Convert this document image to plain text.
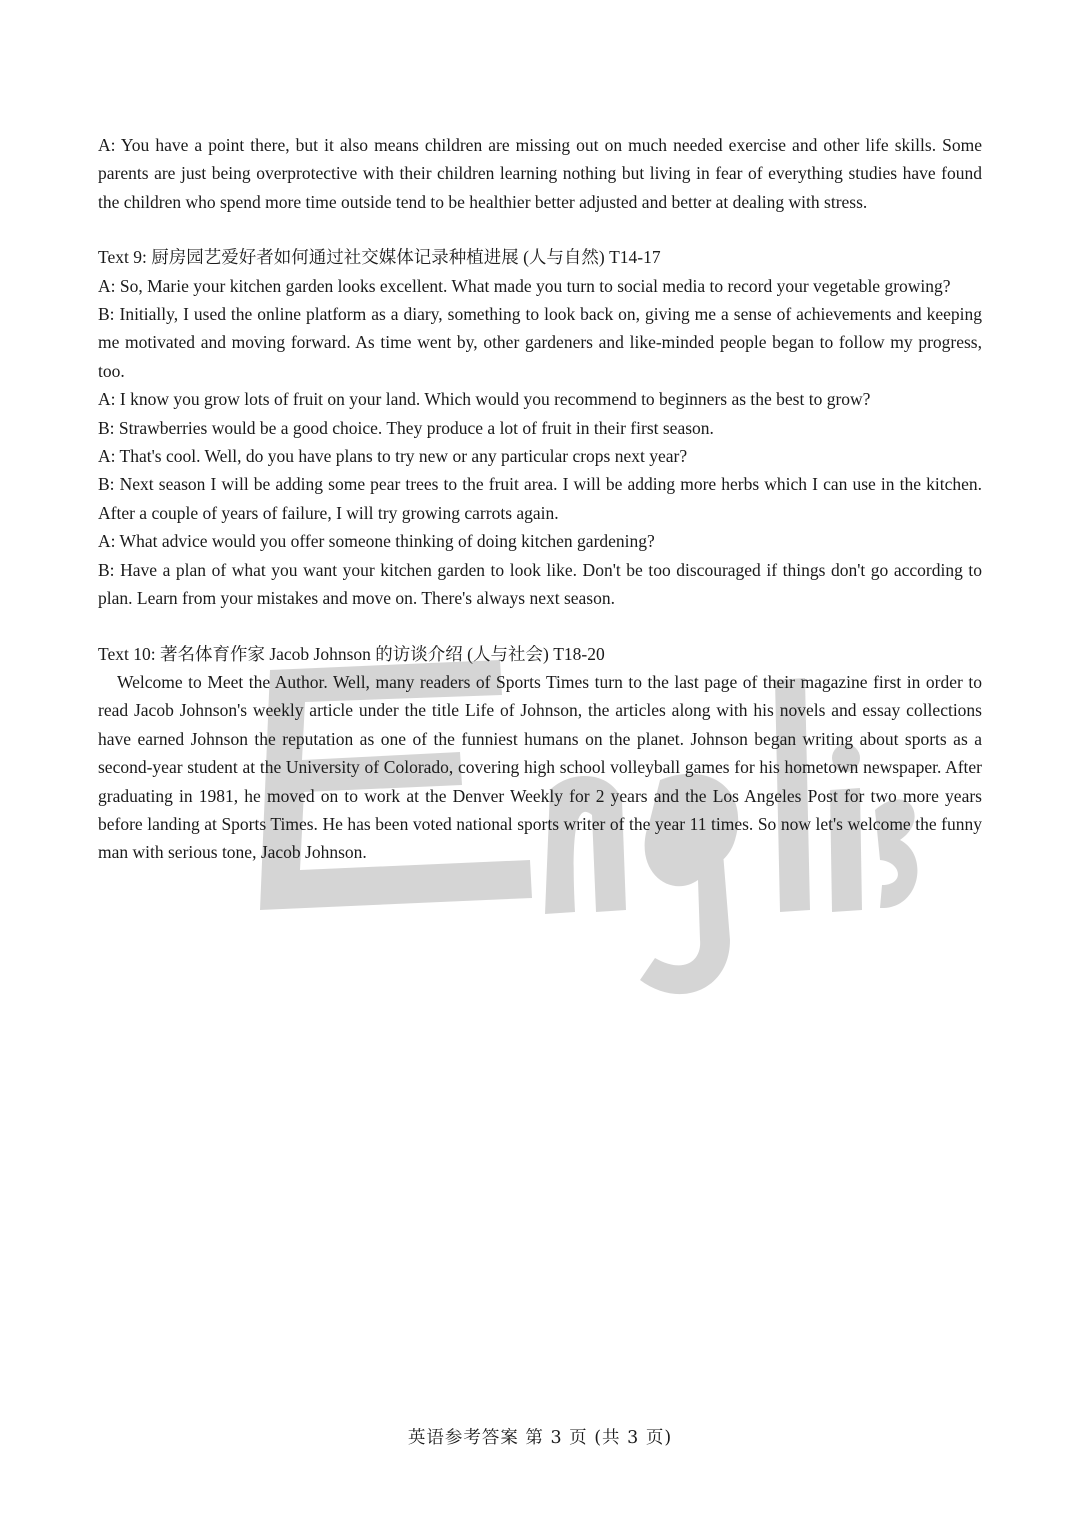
A: You have a point there, but it also means children are missing out on much needed exercise and other life skills. Some parents are just being overprotective with their children learning nothing but living in fear of everything studies have found the children who spend more time outside tend to be healthier better adjusted and better at dealing with stress.

Text 9: 厨房园艺爱好者如何通过社交媒体记录种植进展 (人与自然) T14-17

A: So, Marie your kitchen garden looks excellent. What made you turn to social media to record your vegetable growing?

B: Initially, I used the online platform as a diary, something to look back on, giving me a sense of achievements and keeping me motivated and moving forward. As time went by, other gardeners and like-minded people began to follow my progress, too.

A: I know you grow lots of fruit on your land. Which would you recommend to beginners as the best to grow?

B: Strawberries would be a good choice. They produce a lot of fruit in their first season.

A: That's cool. Well, do you have plans to try new or any particular crops next year?

B: Next season I will be adding some pear trees to the fruit area. I will be adding more herbs which I can use in the kitchen. After a couple of years of failure, I will try growing carrots again.

A: What advice would you offer someone thinking of doing kitchen gardening?

B: Have a plan of what you want your kitchen garden to look like. Don't be too discouraged if things don't go according to plan. Learn from your mistakes and move on. There's always next season.

Text 10: 著名体育作家 Jacob Johnson 的访谈介绍 (人与社会) T18-20

Welcome to Meet the Author. Well, many readers of Sports Times turn to the last page of their magazine first in order to read Jacob Johnson's weekly article under the title Life of Johnson, the articles along with his novels and essay collections have earned Johnson the reputation as one of the funniest humans on the planet. Johnson began writing about sports as a second-year student at the University of Colorado, covering high school volleyball games for his hometown newspaper. After graduating in 1981, he moved on to work at the Denver Weekly for 2 years and the Los Angeles Post for two more years before landing at Sports Times. He has been voted national sports writer of the year 11 times. So now let's welcome the funny man with serious tone, Jacob Johnson.

英语参考答案 第 3 页 (共 3 页)
